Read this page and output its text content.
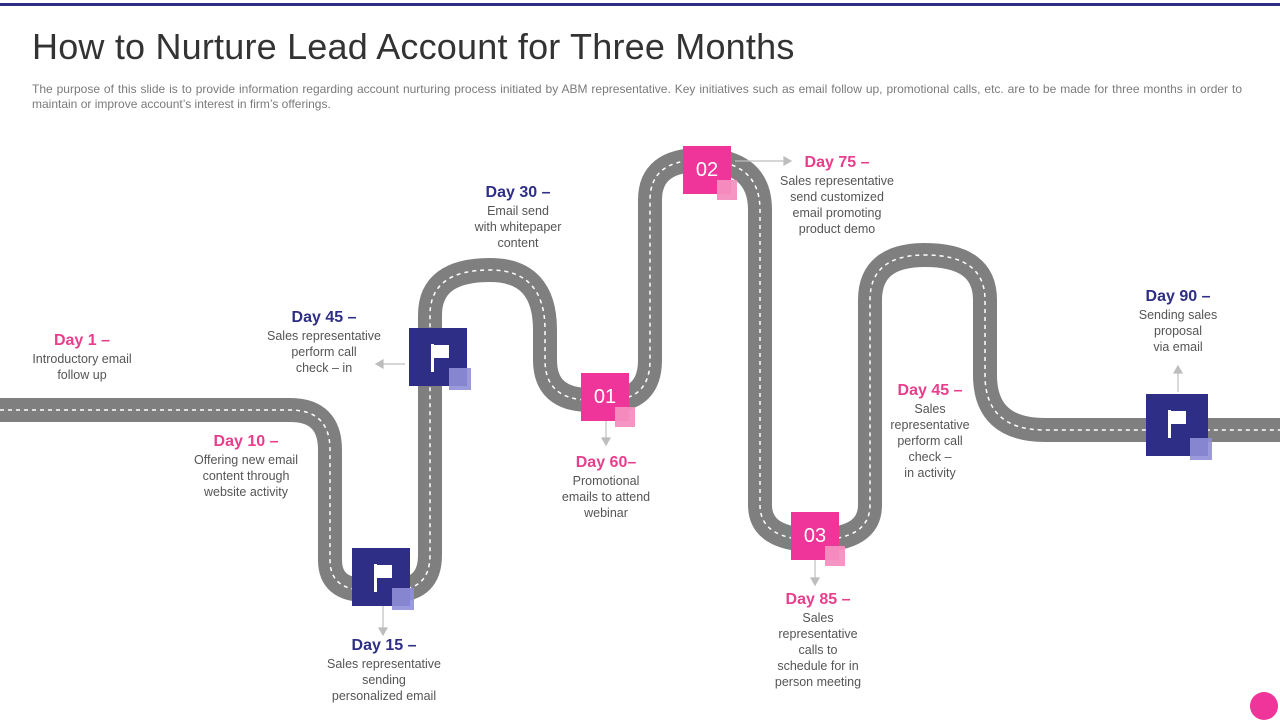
How to Nurture Lead Account for Three Months

The purpose of this slide is to provide information regarding account nurturing process initiated by ABM representative. Key initiatives such as email follow up, promotional calls, etc. are to be made for three months in order to maintain or improve account’s interest in firm’s offerings.

01
02
03
Day 1 –
Introductory email
follow up
Day 10 –
Offering new email
content through
website activity
Day 15 –
Sales representative
sending
personalized email
Day 45 –
Sales representative
perform call
check – in
Day 30 –
Email send
with whitepaper
content
Day 60–
Promotional
emails to attend
webinar
Day 75 –
Sales representative
send customized
email promoting
product demo
Day 85 –
Sales
representative
calls to
schedule for in
person meeting
Day 45 –
Sales
representative
perform call
check –
in activity
Day 90 –
Sending sales
proposal
via email
